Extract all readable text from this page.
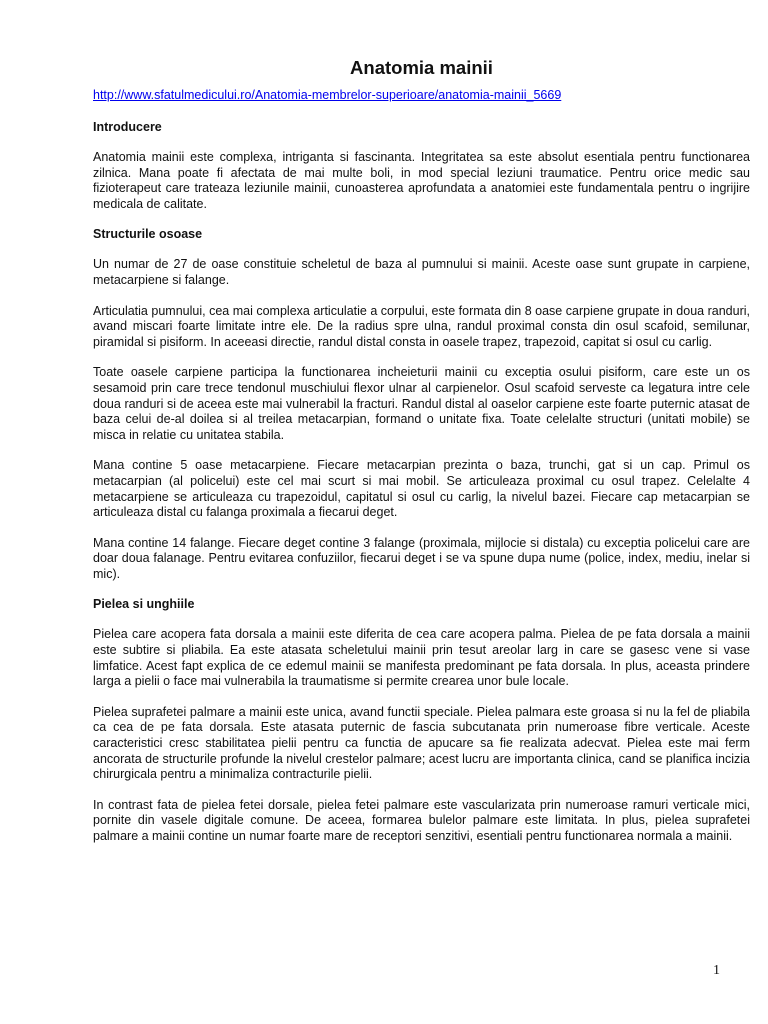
Anatomia mainii
http://www.sfatulmedicului.ro/Anatomia-membrelor-superioare/anatomia-mainii_5669
Introducere

Anatomia mainii este complexa, intriganta si fascinanta. Integritatea sa este absolut esentiala pentru functionarea zilnica. Mana poate fi afectata de mai multe boli, in mod special leziuni traumatice. Pentru orice medic sau fizioterapeut care trateaza leziunile mainii, cunoasterea aprofundata a anatomiei este fundamentala pentru o ingrijire medicala de calitate.

Structurile osoase

Un numar de 27 de oase constituie scheletul de baza al pumnului si mainii. Aceste oase sunt grupate in carpiene, metacarpiene si falange.

Articulatia pumnului, cea mai complexa articulatie a corpului, este formata din 8 oase carpiene grupate in doua randuri, avand miscari foarte limitate intre ele. De la radius spre ulna, randul proximal consta din osul scafoid, semilunar, piramidal si pisiform. In aceeasi directie, randul distal consta in oasele trapez, trapezoid, capitat si osul cu carlig.

Toate oasele carpiene participa la functionarea incheieturii mainii cu exceptia osului pisiform, care este un os sesamoid prin care trece tendonul muschiului flexor ulnar al carpienelor. Osul scafoid serveste ca legatura intre cele doua randuri si de aceea este mai vulnerabil la fracturi. Randul distal al oaselor carpiene este foarte puternic atasat de baza celui de-al doilea si al treilea metacarpian, formand o unitate fixa. Toate celelalte structuri (unitati mobile) se misca in relatie cu unitatea stabila.

Mana contine 5 oase metacarpiene. Fiecare metacarpian prezinta o baza, trunchi, gat si un cap. Primul os metacarpian (al policelui) este cel mai scurt si mai mobil. Se articuleaza proximal cu osul trapez. Celelalte 4 metacarpiene se articuleaza cu trapezoidul, capitatul si osul cu carlig, la nivelul bazei. Fiecare cap metacarpian se articuleaza distal cu falanga proximala a fiecarui deget.

Mana contine 14 falange. Fiecare deget contine 3 falange (proximala, mijlocie si distala) cu exceptia policelui care are doar doua falanage. Pentru evitarea confuziilor, fiecarui deget i se va spune dupa nume (police, index, mediu, inelar si mic).

Pielea si unghiile

Pielea care acopera fata dorsala a mainii este diferita de cea care acopera palma. Pielea de pe fata dorsala a mainii este subtire si pliabila. Ea este atasata scheletului mainii prin tesut areolar larg in care se gasesc vene si vase limfatice. Acest fapt explica de ce edemul mainii se manifesta predominant pe fata dorsala. In plus, aceasta prindere larga a pielii o face mai vulnerabila la traumatisme si permite crearea unor bule locale.

Pielea suprafetei palmare a mainii este unica, avand functii speciale. Pielea palmara este groasa si nu la fel de pliabila ca cea de pe fata dorsala. Este atasata puternic de fascia subcutanata prin numeroase fibre verticale. Aceste caracteristici cresc stabilitatea pielii pentru ca functia de apucare sa fie realizata adecvat. Pielea este mai ferm ancorata de structurile profunde la nivelul crestelor palmare; acest lucru are importanta clinica, cand se planifica incizia chirurgicala pentru a minimaliza contracturile pielii.

In contrast fata de pielea fetei dorsale, pielea fetei palmare este vascularizata prin numeroase ramuri verticale mici, pornite din vasele digitale comune. De aceea, formarea bulelor palmare este limitata. In plus, pielea suprafetei palmare a mainii contine un numar foarte mare de receptori senzitivi, esentiali pentru functionarea normala a mainii.

1
